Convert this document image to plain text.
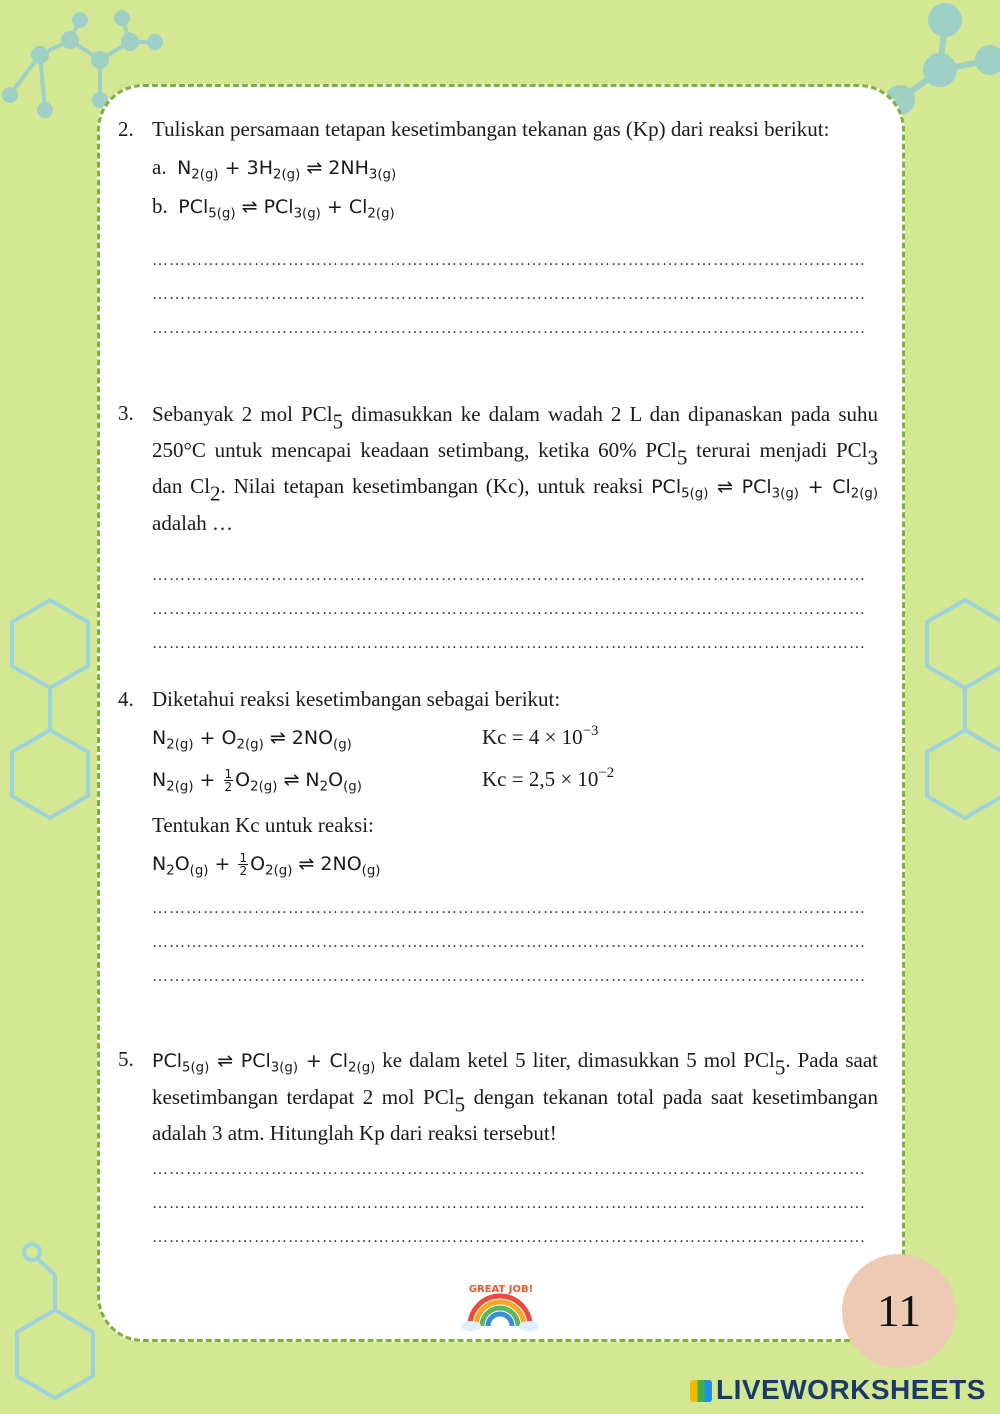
2. Tuliskan persamaan tetapan kesetimbangan tekanan gas (Kp) dari reaksi berikut:
a. $N_{2(g)} + 3H_{2(g)}$ ⇌ $2NH_{3(g)}$
b. PCl$_{5(g)}$ ⇌ $PCl_{3(g)} + Cl_{2(g)}$
………………………………………………………………………………………………………………
………………………………………………………………………………………………………………
………………………………………………………………………………………………………………
3. Sebanyak 2 mol PCl$_5$ dimasukkan ke dalam wadah 2 L dan dipanaskan pada suhu 250°C untuk mencapai keadaan setimbang, ketika 60% PCl$_5$ terurai menjadi PCl$_3$ dan $Cl_2$. Nilai tetapan kesetimbangan (Kc), untuk reaksi PCl$_{5(g)}$ ⇌ $PCl_{3(g)} + Cl_{2(g)}$ adalah …
………………………………………………………………………………………………………………
………………………………………………………………………………………………………………
………………………………………………………………………………………………………………
4. Diketahui reaksi kesetimbangan sebagai berikut:
$N_{2(g)} + O_{2(g)}$ ⇌ $2NO_{(g)}$	$Kc = 4 \times 10^{-3}$
$N_{2(g)} + \frac{1}{2} O_{2(g)}$ ⇌ $N_2O_{(g)}$	$Kc = 2,5 \times 10^{-2}$
Tentukan Kc untuk reaksi:
$N_2O_{(g)} + \frac{1}{2} O_{2(g)}$ ⇌ $2NO_{(g)}$
………………………………………………………………………………………………………………
………………………………………………………………………………………………………………
………………………………………………………………………………………………………………
5. PCl$_{5(g)}$ ⇌ $PCl_{3(g)} + Cl_{2(g)}$ ke dalam ketel 5 liter, dimasukkan 5 mol PCl$_5$. Pada saat kesetimbangan terdapat 2 mol PCl$_5$ dengan tekanan total pada saat kesetimbangan adalah 3 atm. Hitunglah Kp dari reaksi tersebut!
………………………………………………………………………………………………………………
………………………………………………………………………………………………………………
………………………………………………………………………………………………………………
GREAT JOB!	11
LIVEWORKSHEETS
